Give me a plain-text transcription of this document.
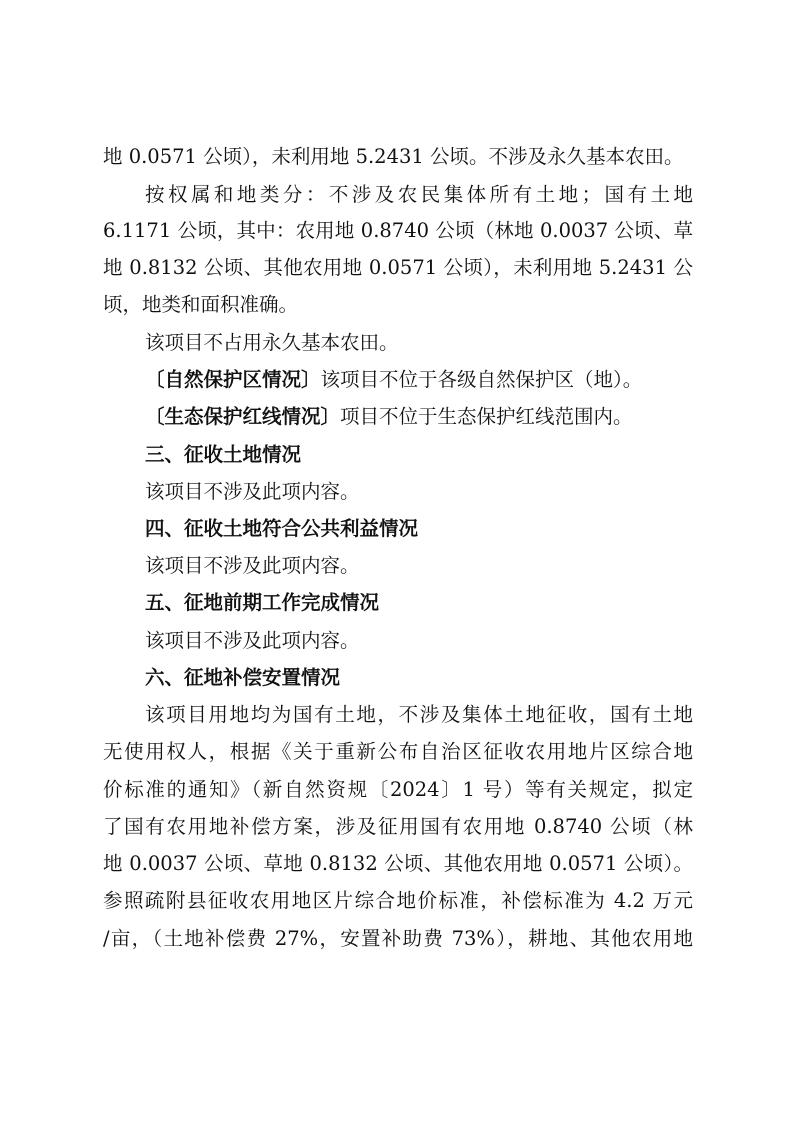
地 0.0571 公顷），未利用地 5.2431 公顷。不涉及永久基本农田。
按权属和地类分：不涉及农民集体所有土地；国有土地
6.1171 公顷，其中：农用地 0.8740 公顷（林地 0.0037 公顷、草
地 0.8132 公顷、其他农用地 0.0571 公顷），未利用地 5.2431 公
顷，地类和面积准确。
该项目不占用永久基本农田。
〔自然保护区情况〕该项目不位于各级自然保护区（地）。
〔生态保护红线情况〕项目不位于生态保护红线范围内。
三、征收土地情况
该项目不涉及此项内容。
四、征收土地符合公共利益情况
该项目不涉及此项内容。
五、征地前期工作完成情况
该项目不涉及此项内容。
六、征地补偿安置情况
该项目用地均为国有土地，不涉及集体土地征收，国有土地
无使用权人，根据《关于重新公布自治区征收农用地片区综合地
价标准的通知》（新自然资规〔2024〕1 号）等有关规定，拟定
了国有农用地补偿方案，涉及征用国有农用地 0.8740 公顷（林
地 0.0037 公顷、草地 0.8132 公顷、其他农用地 0.0571 公顷）。
参照疏附县征收农用地区片综合地价标准，补偿标准为 4.2 万元
/亩，（土地补偿费 27%，安置补助费 73%），耕地、其他农用地
